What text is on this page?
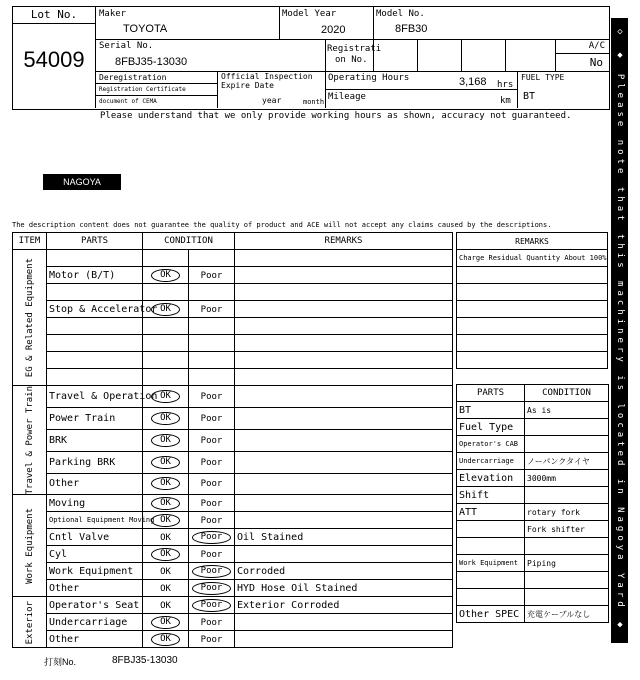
Lot No.
54009
Maker
TOYOTA
Model Year
2020
Model No.
8FB30
Serial No.
8FBJ35-13030
Registrati
on No.
A/C
No
Deregistration
Registration Certificate
document of CEMA
Official Inspection
Expire Date
year	month
Operating Hours	3,168 hrs
Mileage	km
FUEL TYPE
BT
Please understand that we only provide working hours as shown, accuracy not guaranteed.
NAGOYA
The description content does not guarantee the quality of product and ACE will not accept any claims caused by the descriptions.	◇ ◆ Please note that this machinery is located in Nagoya Yard ◆ ◇
ITEM	PARTS	CONDITION		REMARKS

EG & Related Equipment				

	Motor (B/T)	OK	Poor	

	Stop & Accelerator	OK	Poor	

Travel & Power Train	Travel & Operation	OK	Poor	
	Power Train	OK	Poor	
	BRK	OK	Poor	
	Parking BRK	OK	Poor	
	Other	OK	Poor	

Work Equipment	Moving	OK	Poor	
	Optional Equipment Moving	OK	Poor	
	Cntl Valve	OK	Poor	Oil Stained
	Cyl	OK	Poor	
	Work Equipment	OK	Poor	Corroded
	Other	OK	Poor	HYD Hose Oil Stained

Exterior	Operator's Seat	OK	Poor	Exterior Corroded
	Undercarriage	OK	Poor	
	Other	OK	Poor	
REMARKS
Charge Residual Quantity About 100%

PARTS	CONDITION
BT	As is
Fuel Type	
Operator's CAB	
Undercarriage	ノーパンクタイヤ
Elevation	3000mm
Shift	
ATT	rotary fork
	Fork shifter

Work Equipment	Piping

Other SPEC	充電ケーブルなし
打刻No.	8FBJ35-13030
